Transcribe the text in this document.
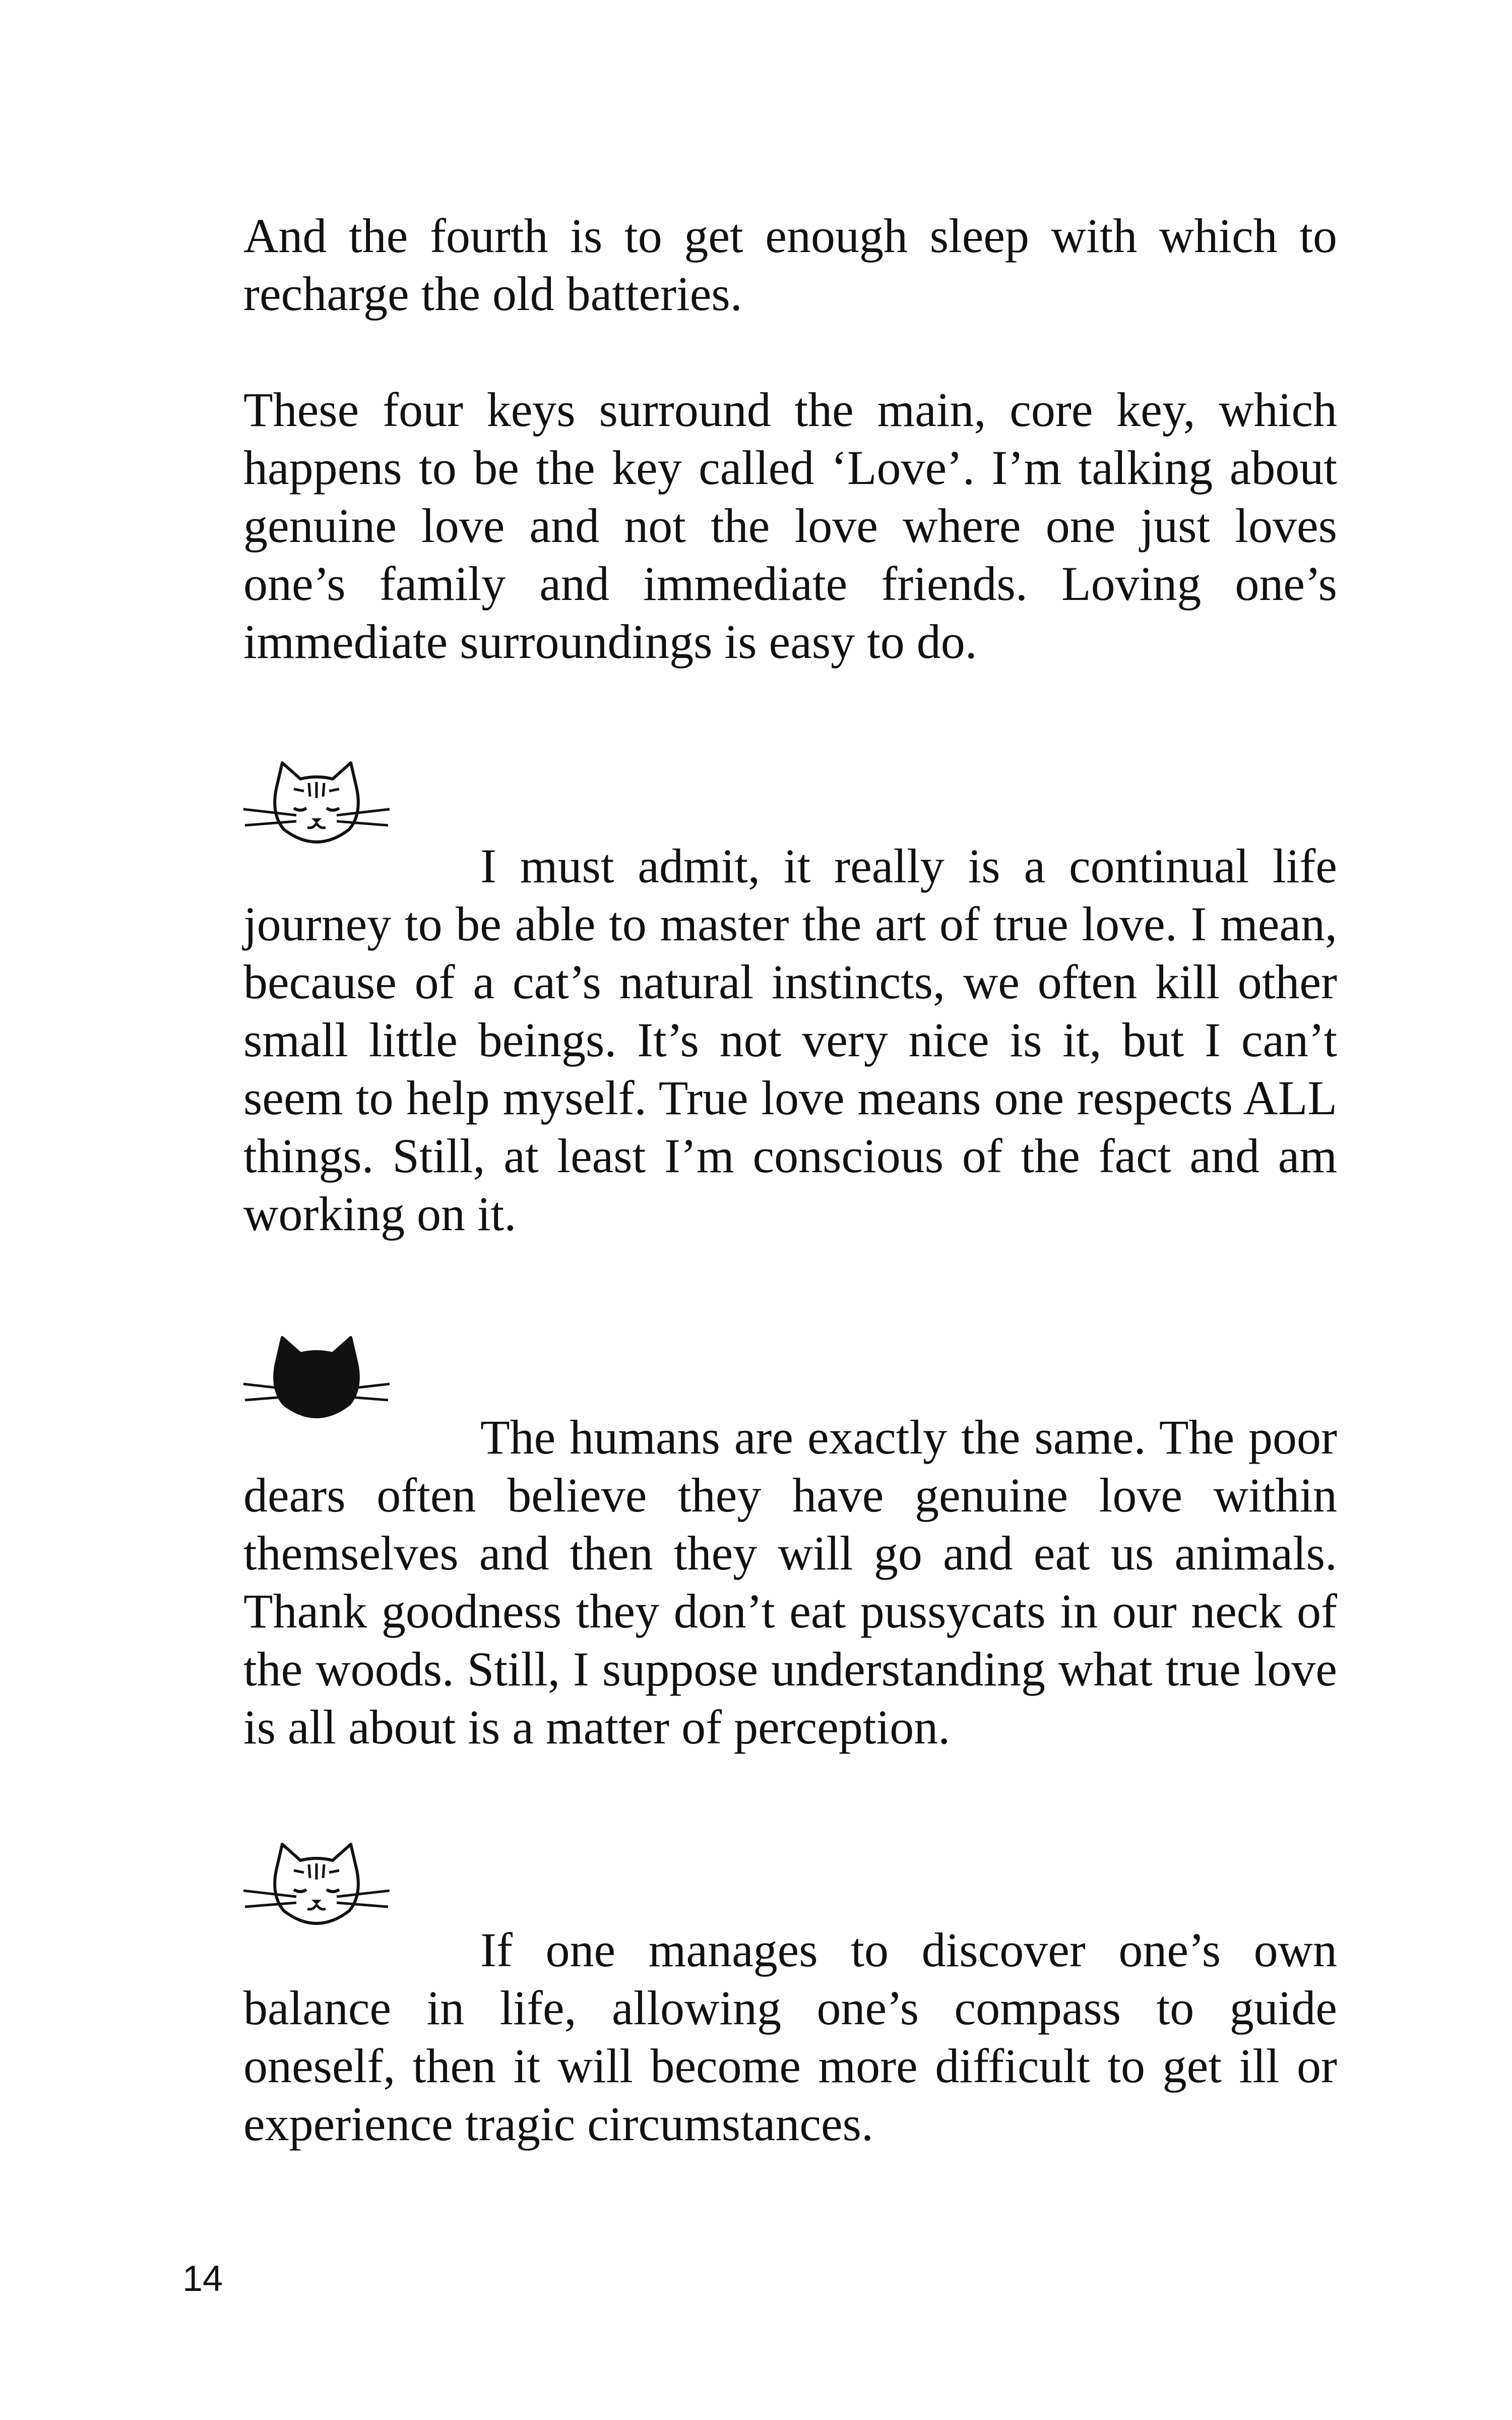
And the fourth is to get enough sleep with which to recharge the old batteries.

These four keys surround the main, core key, which happens to be the key called ‘Love’. I’m talking about genuine love and not the love where one just loves one’s family and immediate friends. Loving one’s immediate surroundings is easy to do.

I must admit, it really is a continual life journey to be able to master the art of true love. I mean, because of a cat’s natural instincts, we often kill other small little beings. It’s not very nice is it, but I can’t seem to help myself. True love means one respects ALL things. Still, at least I’m conscious of the fact and am working on it.

The humans are exactly the same. The poor dears often believe they have genuine love within themselves and then they will go and eat us animals. Thank goodness they don’t eat pussycats in our neck of the woods. Still, I suppose understanding what true love is all about is a matter of perception.

If one manages to discover one’s own balance in life, allowing one’s compass to guide oneself, then it will become more difficult to get ill or experience tragic circumstances.

14
